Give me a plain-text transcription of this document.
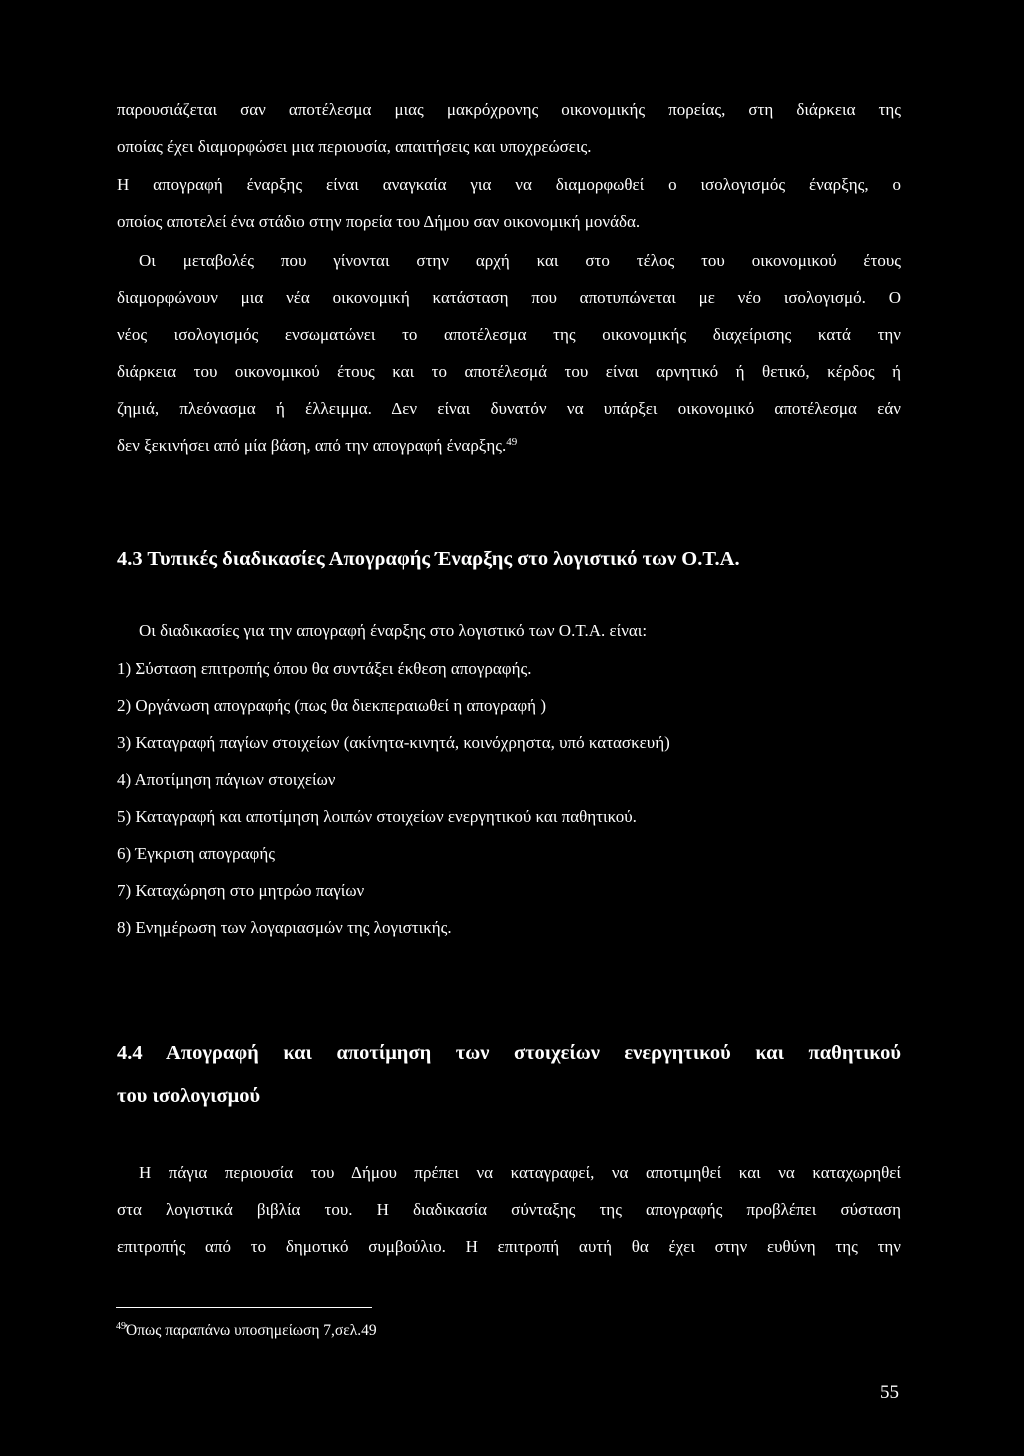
παρουσιάζεται σαν αποτέλεσμα μιας μακρόχρονης οικονομικής πορείας, στη διάρκεια της
οποίας έχει διαμορφώσει μια περιουσία, απαιτήσεις και υποχρεώσεις.
Η απογραφή έναρξης είναι αναγκαία για να διαμορφωθεί ο ισολογισμός έναρξης, ο
οποίος αποτελεί ένα στάδιο στην πορεία του Δήμου σαν οικονομική μονάδα.
Οι μεταβολές που γίνονται στην αρχή και στο τέλος του οικονομικού έτους
διαμορφώνουν μια νέα οικονομική κατάσταση που αποτυπώνεται με νέο ισολογισμό. Ο
νέος ισολογισμός ενσωματώνει το αποτέλεσμα της οικονομικής διαχείρισης κατά την
διάρκεια του οικονομικού έτους και το αποτέλεσμά του είναι αρνητικό ή θετικό, κέρδος ή
ζημιά, πλεόνασμα ή έλλειμμα. Δεν είναι δυνατόν να υπάρξει οικονομικό αποτέλεσμα εάν
δεν ξεκινήσει από μία βάση, από την απογραφή έναρξης.$^{49}$
4.3 Τυπικές διαδικασίες Απογραφής Έναρξης στο λογιστικό των Ο.Τ.Α.
Οι διαδικασίες για την απογραφή έναρξης στο λογιστικό των Ο.Τ.Α. είναι:
1) Σύσταση επιτροπής όπου θα συντάξει έκθεση απογραφής.
2) Οργάνωση απογραφής (πως θα διεκπεραιωθεί η απογραφή )
3) Καταγραφή παγίων στοιχείων (ακίνητα-κινητά, κοινόχρηστα, υπό κατασκευή)
4) Αποτίμηση πάγιων στοιχείων
5) Καταγραφή και αποτίμηση λοιπών στοιχείων ενεργητικού και παθητικού.
6) Έγκριση απογραφής
7) Καταχώρηση στο μητρώο παγίων
8) Ενημέρωση των λογαριασμών της λογιστικής.
4.4 Απογραφή και αποτίμηση των στοιχείων ενεργητικού και παθητικού
του ισολογισμού
Η πάγια περιουσία του Δήμου πρέπει να καταγραφεί, να αποτιμηθεί και να καταχωρηθεί
στα λογιστικά βιβλία του. Η διαδικασία σύνταξης της απογραφής προβλέπει σύσταση
επιτροπής από το δημοτικό συμβούλιο. Η επιτροπή αυτή θα έχει στην ευθύνη της την
$^{49}$Όπως παραπάνω υποσημείωση 7,σελ.49
55
